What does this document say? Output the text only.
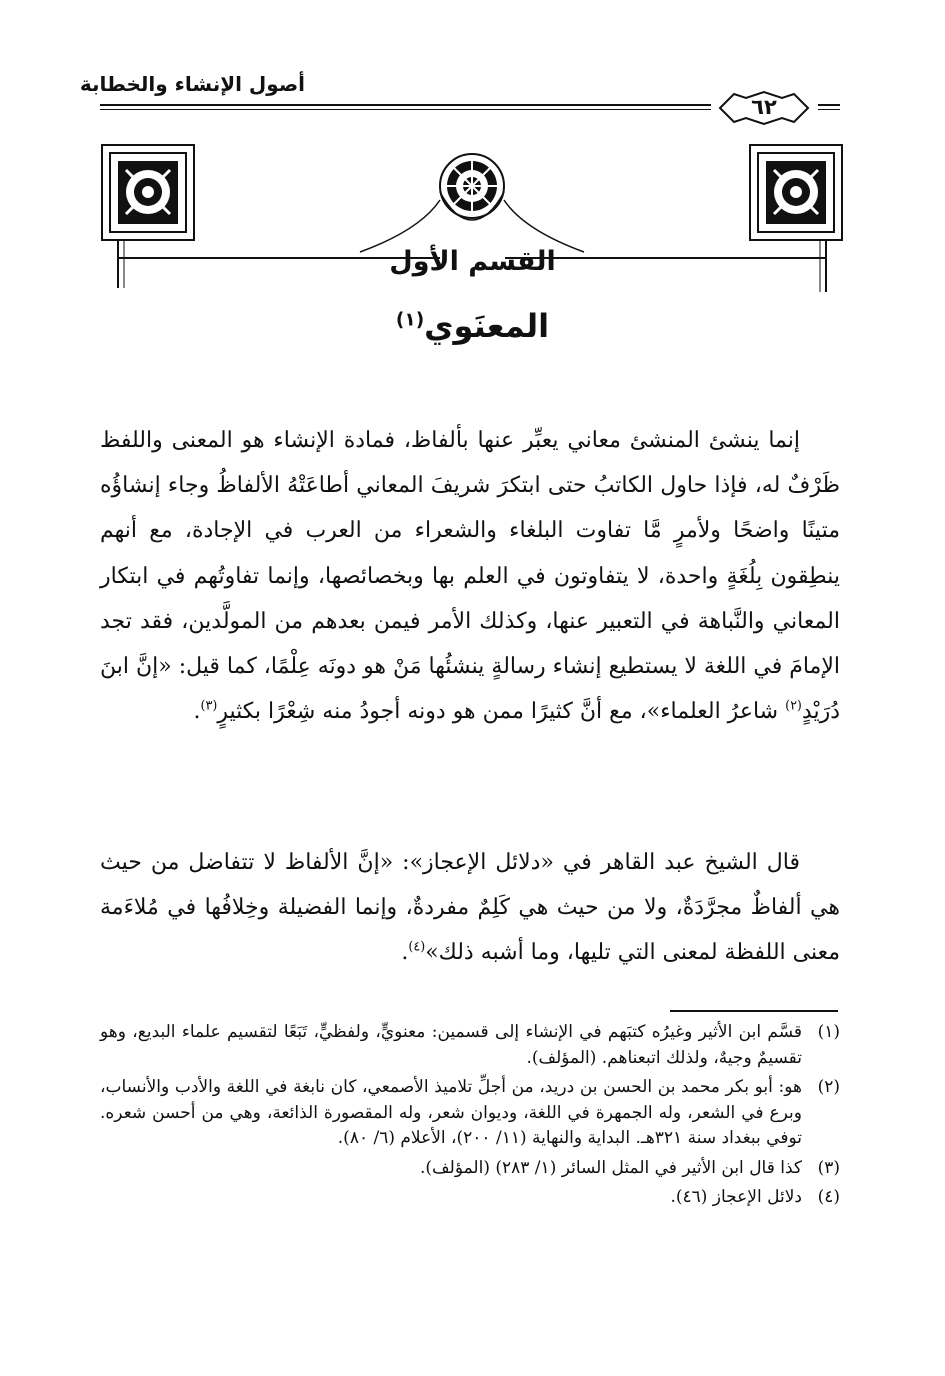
أصول الإنشاء والخطابة
٦٢
القسم الأول
المعنَوي$^{(١)}$

إنما ينشئ المنشئ معاني يعبِّر عنها بألفاظ، فمادة الإنشاء هو المعنى واللفظ ظَرْفٌ له، فإذا حاول الكاتبُ حتى ابتكرَ شريفَ المعاني أطاعَتْهُ الألفاظُ وجاء إنشاؤُه متينًا واضحًا ولأمرٍ مَّا تفاوت البلغاء والشعراء من العرب في الإجادة، مع أنهم ينطِقون بِلُغَةٍ واحدة، لا يتفاوتون في العلم بها وبخصائصها، وإنما تفاوتُهم في ابتكار المعاني والنَّباهة في التعبير عنها، وكذلك الأمر فيمن بعدهم من المولَّدين، فقد تجد الإمامَ في اللغة لا يستطيع إنشاء رسالةٍ ينشئُها مَنْ هو دونَه عِلْمًا، كما قيل: «إنَّ ابنَ دُرَيْدٍ$^{(٢)}$ شاعرُ العلماء»، مع أنَّ كثيرًا ممن هو دونه أجودُ منه شِعْرًا بكثيرٍ$^{(٣)}$.

قال الشيخ عبد القاهر في «دلائل الإعجاز»: «إنَّ الألفاظ لا تتفاضل من حيث هي ألفاظٌ مجرَّدَةٌ، ولا من حيث هي كَلِمٌ مفردةٌ، وإنما الفضيلة وخِلافُها في مُلاءَمة معنى اللفظة لمعنى التي تليها، وما أشبه ذلك»$^{(٤)}$.

(١)
قسَّم ابن الأثير وغيرُه كتبَهم في الإنشاء إلى قسمين: معنويٍّ، ولفظيٍّ، تَبَعًا لتقسيم علماء البديع، وهو تقسيمٌ وجيهٌ، ولذلك اتبعناهم. (المؤلف).
(٢)
هو: أبو بكر محمد بن الحسن بن دريد، من أجلِّ تلاميذ الأصمعي، كان نابغة في اللغة والأدب والأنساب، وبرع في الشعر، وله الجمهرة في اللغة، وديوان شعر، وله المقصورة الذائعة، وهي من أحسن شعره. توفي ببغداد سنة ٣٢١هـ. البداية والنهاية (١١/ ٢٠٠)، الأعلام (٦/ ٨٠).
(٣)
كذا قال ابن الأثير في المثل السائر (١/ ٢٨٣) (المؤلف).
(٤)
دلائل الإعجاز (٤٦).
